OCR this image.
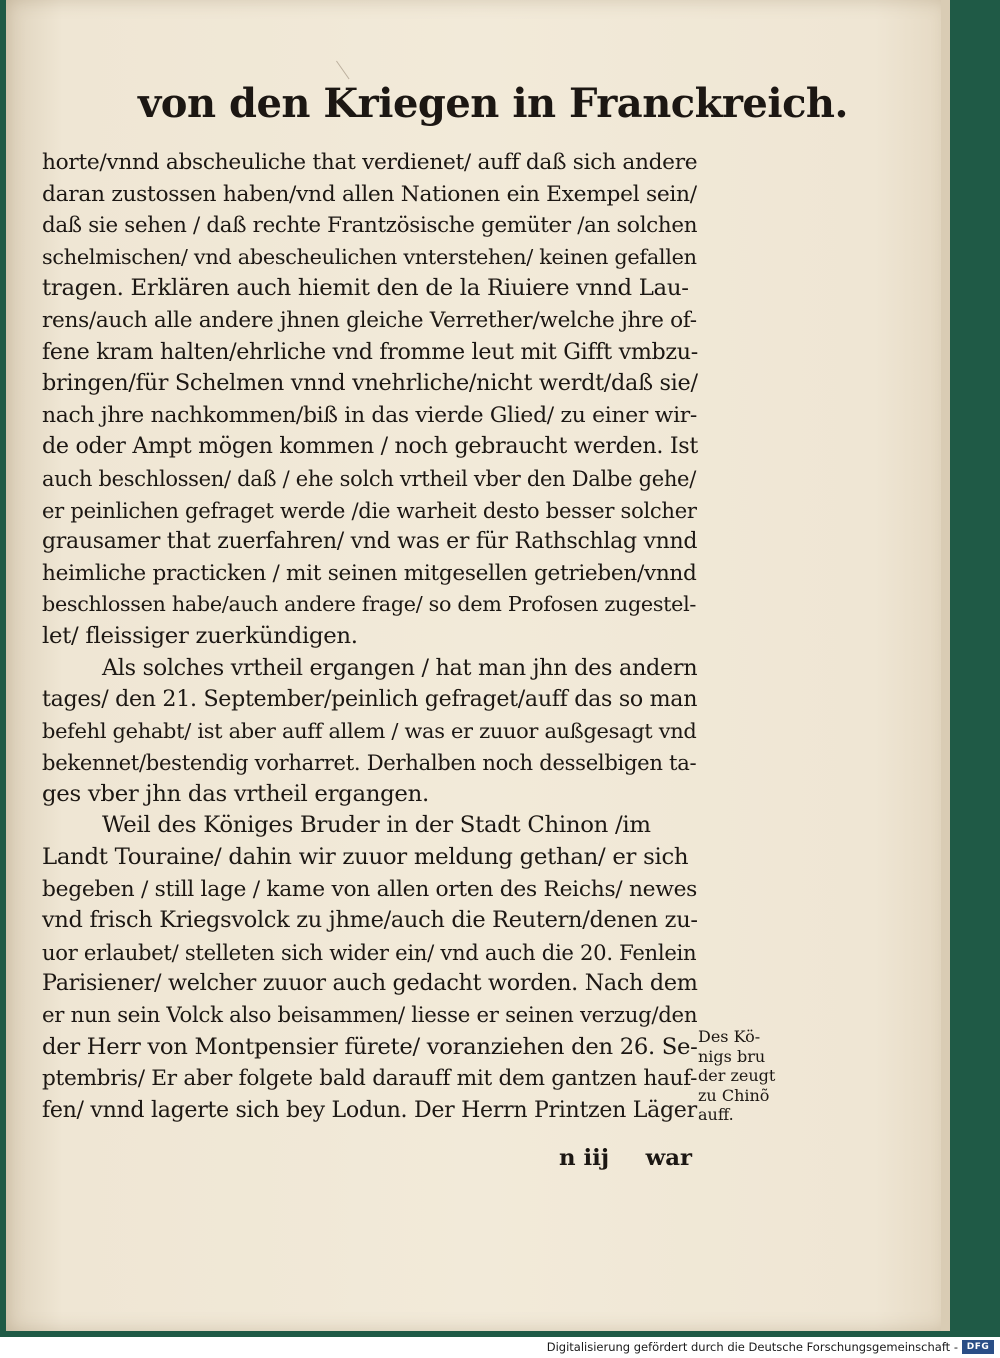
von den Kriegen in Franckreich.
horte/vnnd abscheuliche that verdienet/ auff daß sich andere
daran zustossen haben/vnd allen Nationen ein Exempel sein/
daß sie sehen / daß rechte Frantzösische gemüter /an solchen
schelmischen/ vnd abescheulichen vnterstehen/ keinen gefallen
tragen. Erklären auch hiemit den de la Riuiere vnnd Lau-
rens/auch alle andere jhnen gleiche Verrether/welche jhre of-
fene kram halten/ehrliche vnd fromme leut mit Gifft vmbzu-
bringen/für Schelmen vnnd vnehrliche/nicht werdt/daß sie/
nach jhre nachkommen/biß in das vierde Glied/ zu einer wir-
de oder Ampt mögen kommen / noch gebraucht werden. Ist
auch beschlossen/ daß / ehe solch vrtheil vber den Dalbe gehe/
er peinlichen gefraget werde /die warheit desto besser solcher
grausamer that zuerfahren/ vnd was er für Rathschlag vnnd
heimliche practicken / mit seinen mitgesellen getrieben/vnnd
beschlossen habe/auch andere frage/ so dem Profosen zugestel-
let/ fleissiger zuerkündigen.
Als solches vrtheil ergangen / hat man jhn des andern
tages/ den 21. September/peinlich gefraget/auff das so man
befehl gehabt/ ist aber auff allem / was er zuuor außgesagt vnd
bekennet/bestendig vorharret. Derhalben noch desselbigen ta-
ges vber jhn das vrtheil ergangen.
Weil des Königes Bruder in der Stadt Chinon /im
Landt Touraine/ dahin wir zuuor meldung gethan/ er sich
begeben / still lage / kame von allen orten des Reichs/ newes
vnd frisch Kriegsvolck zu jhme/auch die Reutern/denen zu-
uor erlaubet/ stelleten sich wider ein/ vnd auch die 20. Fenlein
Parisiener/ welcher zuuor auch gedacht worden. Nach dem
er nun sein Volck also beisammen/ liesse er seinen verzug/den
der Herr von Montpensier fürete/ voranziehen den 26. Se-
ptembris/ Er aber folgete bald darauff mit dem gantzen hauf-
fen/ vnnd lagerte sich bey Lodun. Der Herrn Printzen Läger
Des Kö-
nigs bru
der zeugt
zu Chinõ
auff.
n iij war
Digitalisierung gefördert durch die Deutsche Forschungsgemeinschaft - DFG
